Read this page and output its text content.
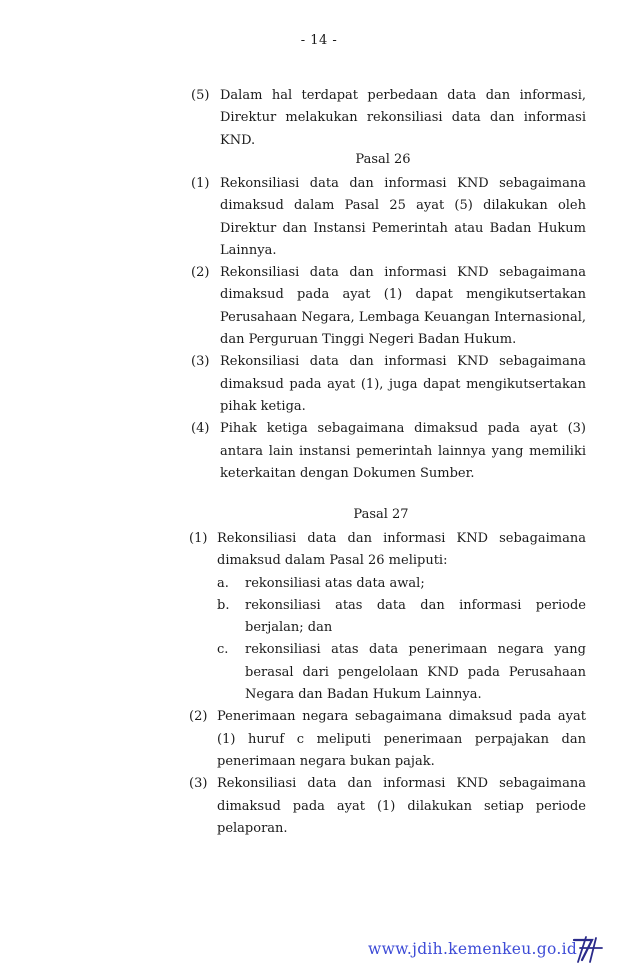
- 14 -
(5) Dalam hal terdapat perbedaan data dan informasi, Direktur melakukan rekonsiliasi data dan informasi KND.
Pasal 26
(1) Rekonsiliasi data dan informasi KND sebagaimana dimaksud dalam Pasal 25 ayat (5) dilakukan oleh Direktur dan Instansi Pemerintah atau Badan Hukum Lainnya.
(2) Rekonsiliasi data dan informasi KND sebagaimana dimaksud pada ayat (1) dapat mengikutsertakan Perusahaan Negara, Lembaga Keuangan Internasional, dan Perguruan Tinggi Negeri Badan Hukum.
(3) Rekonsiliasi data dan informasi KND sebagaimana dimaksud pada ayat (1), juga dapat mengikutsertakan pihak ketiga.
(4) Pihak ketiga sebagaimana dimaksud pada ayat (3) antara lain instansi pemerintah lainnya yang memiliki keterkaitan dengan Dokumen Sumber.
Pasal 27
(1) Rekonsiliasi data dan informasi KND sebagaimana dimaksud dalam Pasal 26 meliputi:
a. rekonsiliasi atas data awal;
b. rekonsiliasi atas data dan informasi periode berjalan; dan
c. rekonsiliasi atas data penerimaan negara yang berasal dari pengelolaan KND pada Perusahaan Negara dan Badan Hukum Lainnya.
(2) Penerimaan negara sebagaimana dimaksud pada ayat (1) huruf c meliputi penerimaan perpajakan dan penerimaan negara bukan pajak.
(3) Rekonsiliasi data dan informasi KND sebagaimana dimaksud pada ayat (1) dilakukan setiap periode pelaporan.
www.jdih.kemenkeu.go.id
